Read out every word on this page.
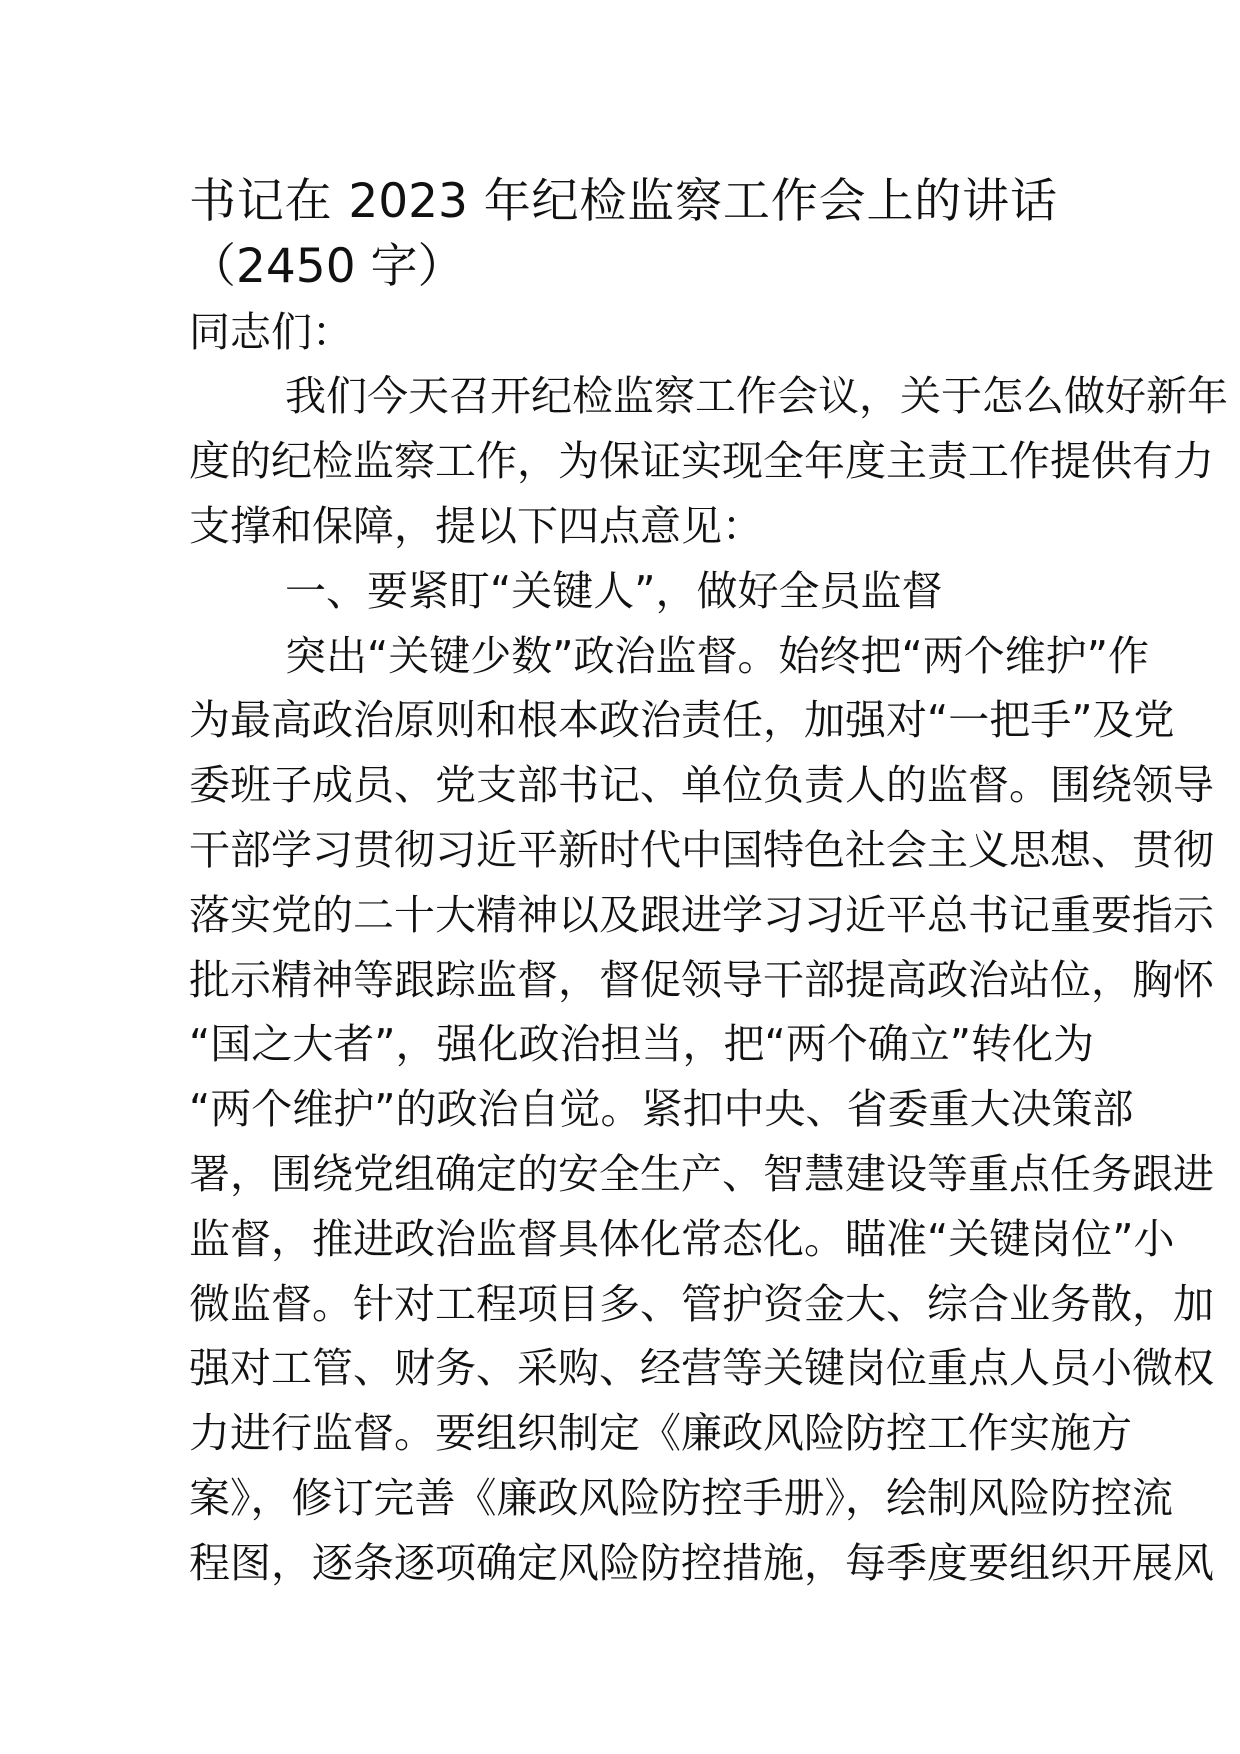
书记在 2023 年纪检监察工作会上的讲话
（2450 字）
同志们：
我们今天召开纪检监察工作会议，关于怎么做好新年
度的纪检监察工作，为保证实现全年度主责工作提供有力
支撑和保障，提以下四点意见：
一、要紧盯“关键人”，做好全员监督
突出“关键少数”政治监督。始终把“两个维护”作
为最高政治原则和根本政治责任，加强对“一把手”及党
委班子成员、党支部书记、单位负责人的监督。围绕领导
干部学习贯彻习近平新时代中国特色社会主义思想、贯彻
落实党的二十大精神以及跟进学习习近平总书记重要指示
批示精神等跟踪监督，督促领导干部提高政治站位，胸怀
“国之大者”，强化政治担当，把“两个确立”转化为
“两个维护”的政治自觉。紧扣中央、省委重大决策部
署，围绕党组确定的安全生产、智慧建设等重点任务跟进
监督，推进政治监督具体化常态化。瞄准“关键岗位”小
微监督。针对工程项目多、管护资金大、综合业务散，加
强对工管、财务、采购、经营等关键岗位重点人员小微权
力进行监督。要组织制定《廉政风险防控工作实施方
案》，修订完善《廉政风险防控手册》，绘制风险防控流
程图，逐条逐项确定风险防控措施，每季度要组织开展风
